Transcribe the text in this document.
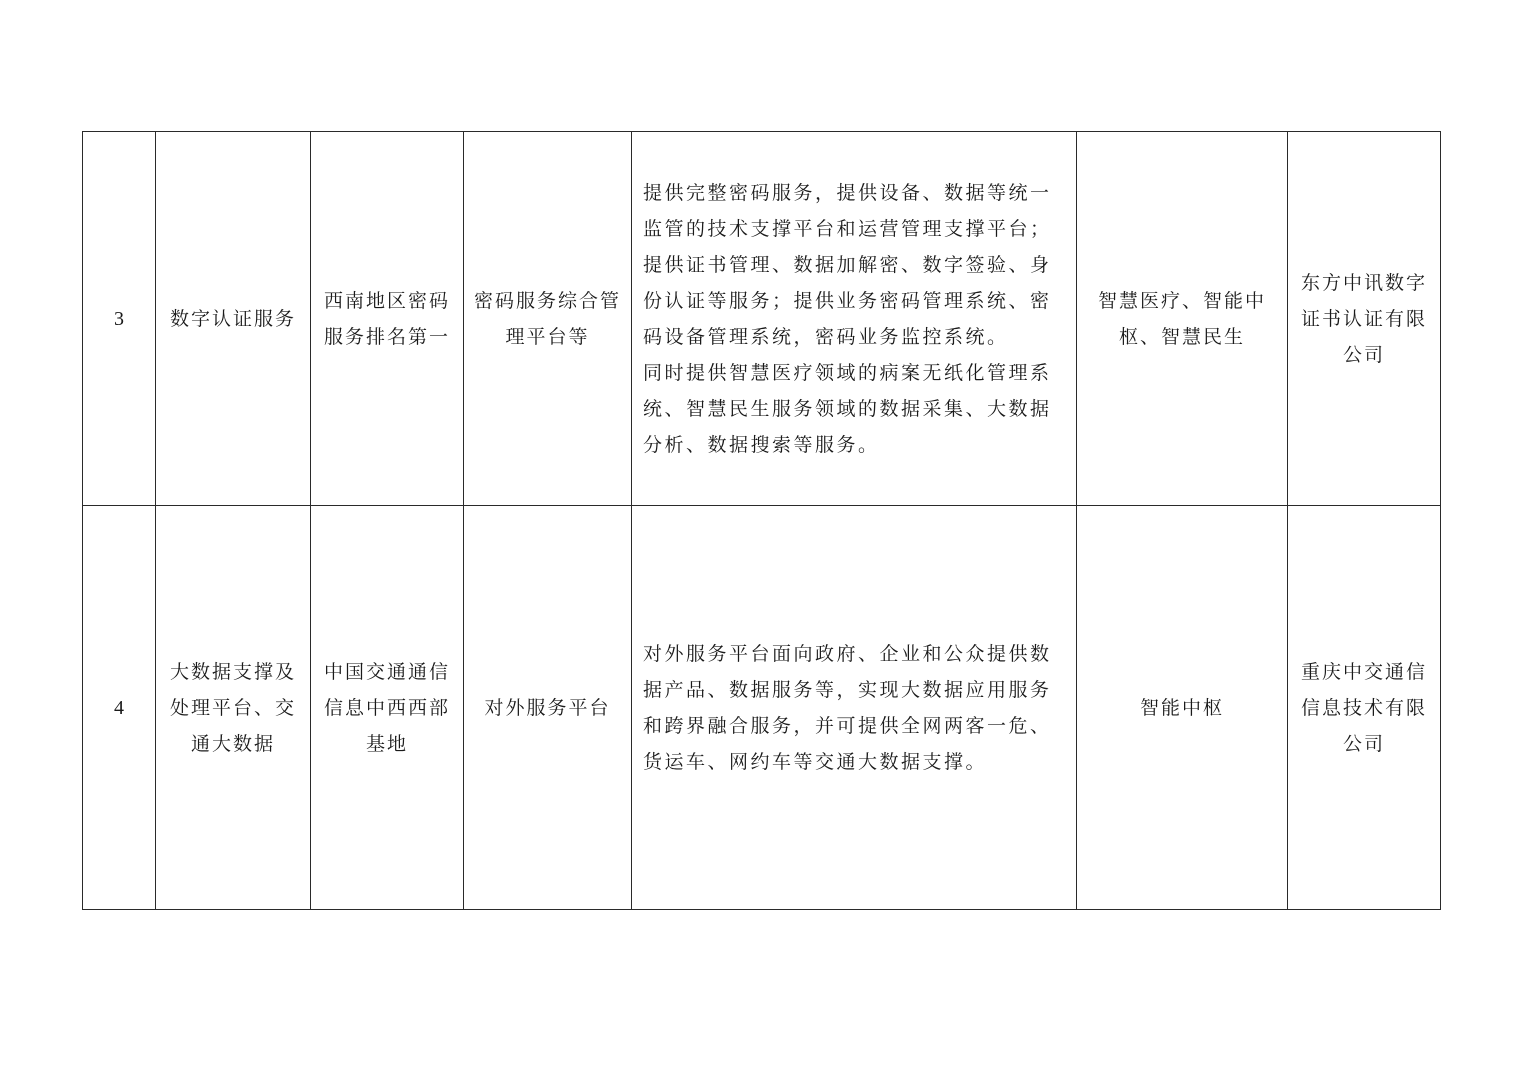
3	数字认证服务	西南地区密码服务排名第一	密码服务综合管理平台等	提供完整密码服务，提供设备、数据等统一监管的技术支撑平台和运营管理支撑平台；提供证书管理、数据加解密、数字签验、身份认证等服务；提供业务密码管理系统、密码设备管理系统，密码业务监控系统。
同时提供智慧医疗领域的病案无纸化管理系统、智慧民生服务领域的数据采集、大数据分析、数据搜索等服务。	智慧医疗、智能中枢、智慧民生	东方中讯数字证书认证有限公司
4	大数据支撑及处理平台、交通大数据	中国交通通信信息中西西部基地	对外服务平台	对外服务平台面向政府、企业和公众提供数据产品、数据服务等，实现大数据应用服务和跨界融合服务，并可提供全网两客一危、货运车、网约车等交通大数据支撑。	智能中枢	重庆中交通信信息技术有限公司
